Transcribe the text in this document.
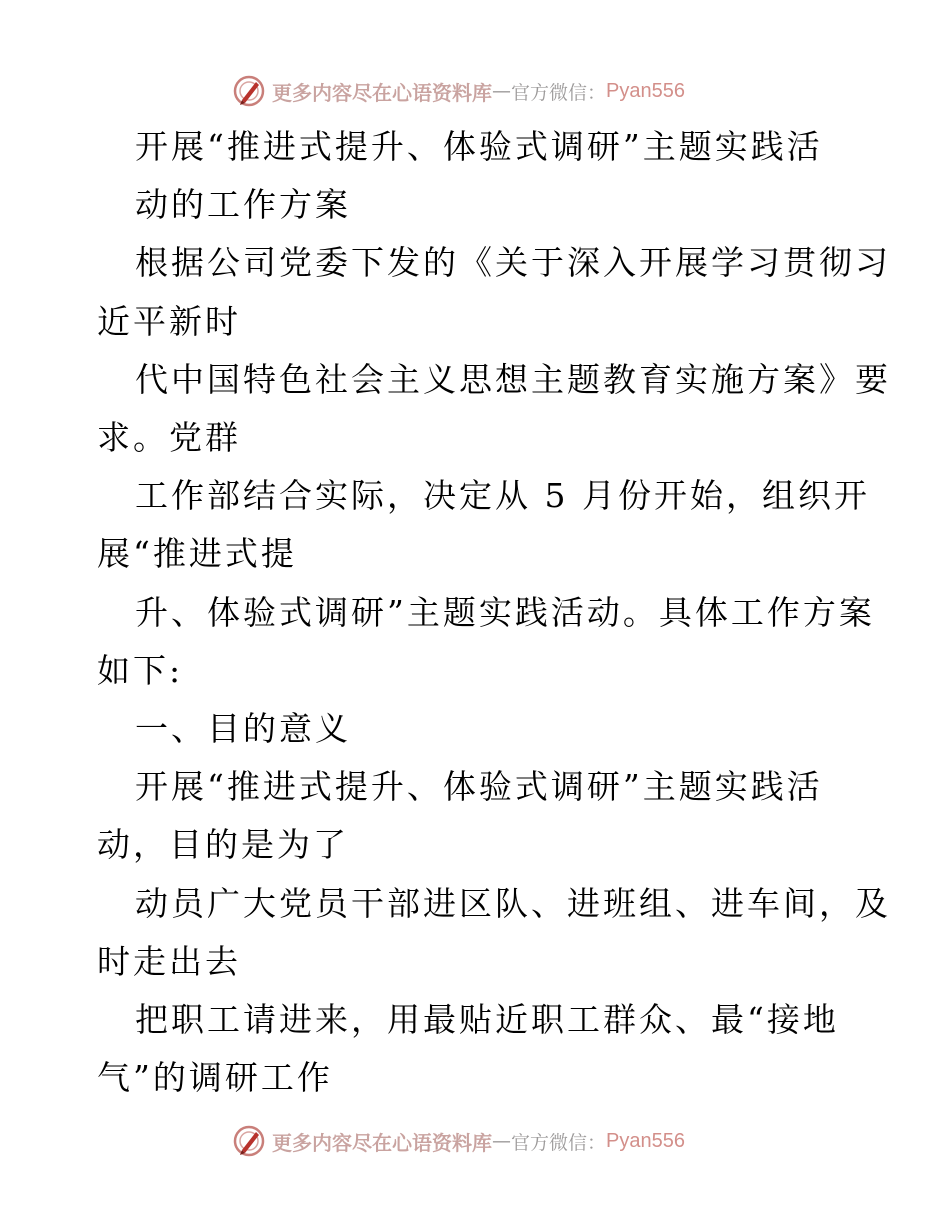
更多内容尽在心语资料库 — 官方微信： Pyan556
开展“推进式提升、体验式调研”主题实践活
动的工作方案
根据公司党委下发的《关于深入开展学习贯彻习
近平新时
代中国特色社会主义思想主题教育实施方案》要
求。党群
工作部结合实际，决定从 5 月份开始，组织开
展“推进式提
升、体验式调研”主题实践活动。具体工作方案
如下:
一、目的意义
开展“推进式提升、体验式调研”主题实践活
动，目的是为了
动员广大党员干部进区队、进班组、进车间，及
时走出去
把职工请进来，用最贴近职工群众、最“接地
气”的调研工作
更多内容尽在心语资料库 — 官方微信： Pyan556
